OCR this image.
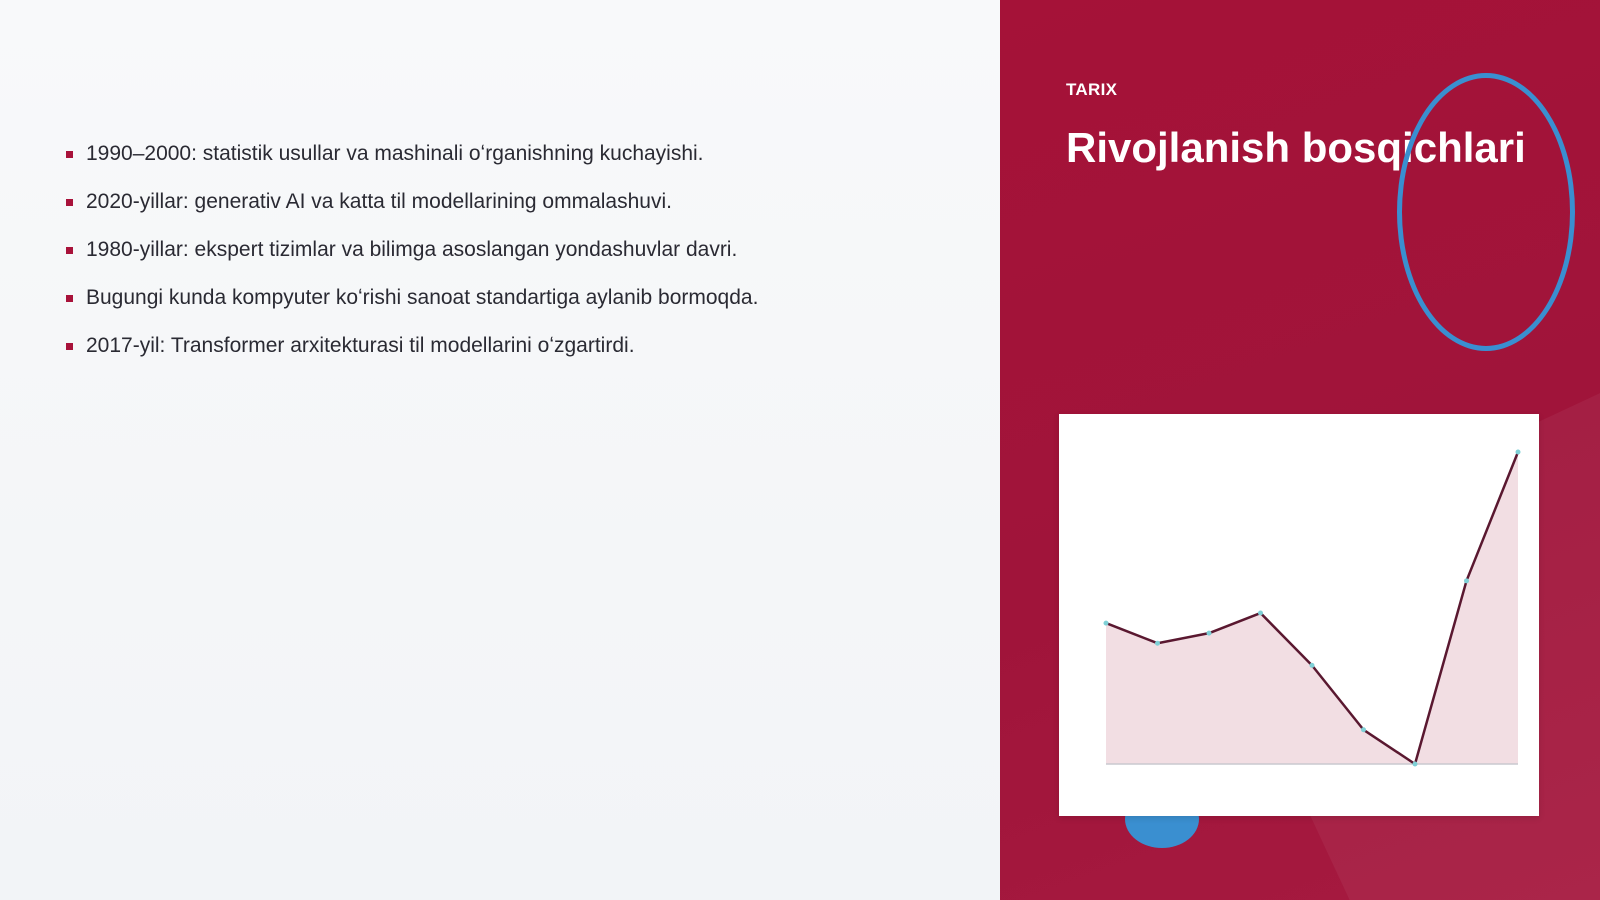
1990–2000: statistik usullar va mashinali oʻrganishning kuchayishi.
2020-yillar: generativ AI va katta til modellarining ommalashuvi.
1980-yillar: ekspert tizimlar va bilimga asoslangan yondashuvlar davri.
Bugungi kunda kompyuter koʻrishi sanoat standartiga aylanib bormoqda.
2017-yil: Transformer arxitekturasi til modellarini oʻzgartirdi.
TARIX
Rivojlanish bosqichlari
